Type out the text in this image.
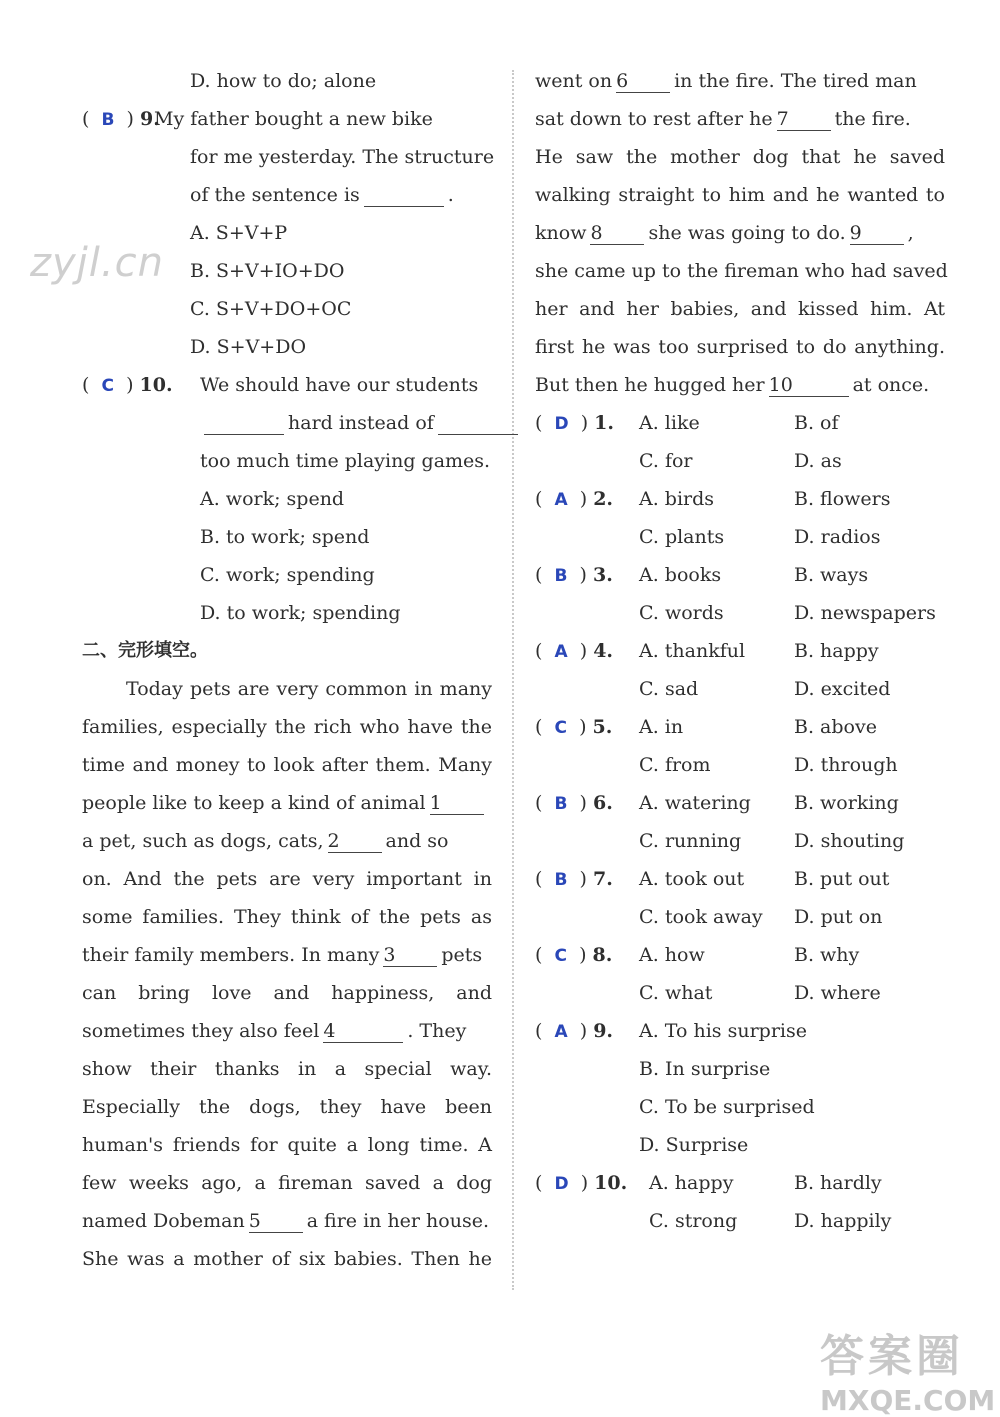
zyjl.cn
D. how to do; alone
(  B  ) 9.My father bought a new bike
for me yesterday. The structure
of the sentence is	.
A. S+V+P
B. S+V+IO+DO
C. S+V+DO+OC
D. S+V+DO
(  C  ) 10. We should have our students
hard instead of
too much time playing games.
A. work; spend
B. to work; spend
C. work; spending
D. to work; spending
二、完形填空。
Today pets are very common in many
families, especially the rich who have the
time and money to look after them. Many
people like to keep a kind of animal 1
a pet, such as dogs, cats, 2 and so
on. And the pets are very important in
some families. They think of the pets as
their family members. In many 3 pets
can bring love and happiness, and
sometimes they also feel 4	. They
show their thanks in a special way.
Especially the dogs, they have been
human's friends for quite a long time. A
few weeks ago, a fireman saved a dog
named Dobeman 5 a fire in her house.
She was a mother of six babies. Then he
went on 6 in the fire. The tired man
sat down to rest after he 7 the fire.
He saw the mother dog that he saved
walking straight to him and he wanted to
know 8 she was going to do. 9 ,
she came up to the fireman who had saved
her and her babies, and kissed him. At
first he was too surprised to do anything.
But then he hugged her 10	at once.
(  D  ) 1.	A. like	B. of
C. for	D. as
(  A  ) 2.	A. birds	B. flowers
C. plants	D. radios
(  B  ) 3.	A. books	B. ways
C. words	D. newspapers
(  A  ) 4.	A. thankful	B. happy
C. sad	D. excited
(  C  ) 5.	A. in	B. above
C. from	D. through
(  B  ) 6.	A. watering	B. working
C. running	D. shouting
(  B  ) 7.	A. took out	B. put out
C. took away	D. put on
(  C  ) 8.	A. how	B. why
C. what	D. where
(  A  ) 9.	A. To his surprise
B. In surprise
C. To be surprised
D. Surprise
(  D  ) 10.	A. happy	B. hardly
C. strong	D. happily
答案圈
MXQE.COM
